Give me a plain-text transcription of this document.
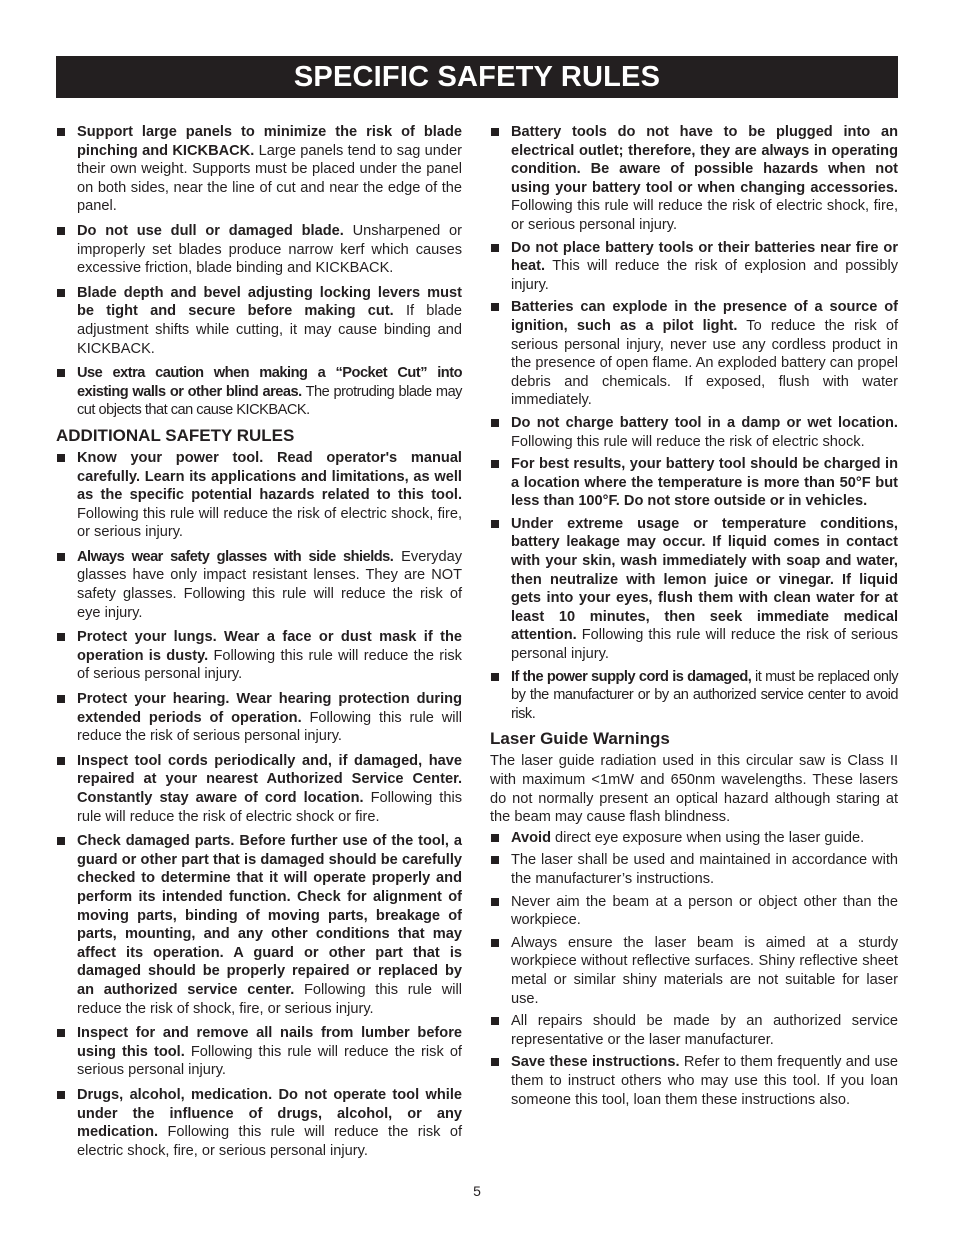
SPECIFIC SAFETY RULES
Support large panels to minimize the risk of blade pinching and KICKBACK. Large panels tend to sag under their own weight. Supports must be placed under the panel on both sides, near the line of cut and near the edge of the panel.
Do not use dull or damaged blade. Unsharpened or improperly set blades produce narrow kerf which causes excessive friction, blade binding and KICKBACK.
Blade depth and bevel adjusting locking levers must be tight and secure before making cut. If blade adjustment shifts while cutting, it may cause binding and KICKBACK.
Use extra caution when making a “Pocket Cut” into existing walls or other blind areas. The protruding blade may cut objects that can cause KICKBACK.
ADDITIONAL SAFETY RULES
Know your power tool. Read operator's manual carefully. Learn its applications and limitations, as well as the specific potential hazards related to this tool. Following this rule will reduce the risk of electric shock, fire, or serious injury.
Always wear safety glasses with side shields. Everyday glasses have only impact resistant lenses. They are NOT safety glasses. Following this rule will reduce the risk of eye injury.
Protect your lungs. Wear a face or dust mask if the operation is dusty. Following this rule will reduce the risk of serious personal injury.
Protect your hearing. Wear hearing protection during extended periods of operation. Following this rule will reduce the risk of serious personal injury.
Inspect tool cords periodically and, if damaged, have repaired at your nearest Authorized Service Center. Constantly stay aware of cord location. Following this rule will reduce the risk of electric shock or fire.
Check damaged parts. Before further use of the tool, a guard or other part that is damaged should be carefully checked to determine that it will operate properly and perform its intended function. Check for alignment of moving parts, binding of moving parts, breakage of parts, mounting, and any other conditions that may affect its operation. A guard or other part that is damaged should be properly repaired or replaced by an authorized service center. Following this rule will reduce the risk of shock, fire, or serious injury.
Inspect for and remove all nails from lumber before using this tool. Following this rule will reduce the risk of serious personal injury.
Drugs, alcohol, medication. Do not operate tool while under the influence of drugs, alcohol, or any medication. Following this rule will reduce the risk of electric shock, fire, or serious personal injury.
Battery tools do not have to be plugged into an electrical outlet; therefore, they are always in operating condition. Be aware of possible hazards when not using your battery tool or when changing accessories. Following this rule will reduce the risk of electric shock, fire, or serious personal injury.
Do not place battery tools or their batteries near fire or heat. This will reduce the risk of explosion and possibly injury.
Batteries can explode in the presence of a source of ignition, such as a pilot light. To reduce the risk of serious personal injury, never use any cordless product in the presence of open flame. An exploded battery can propel debris and chemicals. If exposed, flush with water immediately.
Do not charge battery tool in a damp or wet location. Following this rule will reduce the risk of electric shock.
For best results, your battery tool should be charged in a location where the temperature is more than 50°F but less than 100°F. Do not store outside or in vehicles.
Under extreme usage or temperature conditions, battery leakage may occur. If liquid comes in contact with your skin, wash immediately with soap and water, then neutralize with lemon juice or vinegar. If liquid gets into your eyes, flush them with clean water for at least 10 minutes, then seek immediate medical attention. Following this rule will reduce the risk of serious personal injury.
If the power supply cord is damaged, it must be replaced only by the manufacturer or by an authorized service center to avoid risk.
Laser Guide Warnings
The laser guide radiation used in this circular saw is Class II with maximum <1mW and 650nm wavelengths. These lasers do not normally present an optical hazard although staring at the beam may cause flash blindness.
Avoid direct eye exposure when using the laser guide.
The laser shall be used and maintained in accordance with the manufacturer’s instructions.
Never aim the beam at a person or object other than the workpiece.
Always ensure the laser beam is aimed at a sturdy workpiece without reflective surfaces. Shiny reflective sheet metal or similar shiny materials are not suitable for laser use.
All repairs should be made by an authorized service representative or the laser manufacturer.
Save these instructions. Refer to them frequently and use them to instruct others who may use this tool. If you loan someone this tool, loan them these instructions also.
5
